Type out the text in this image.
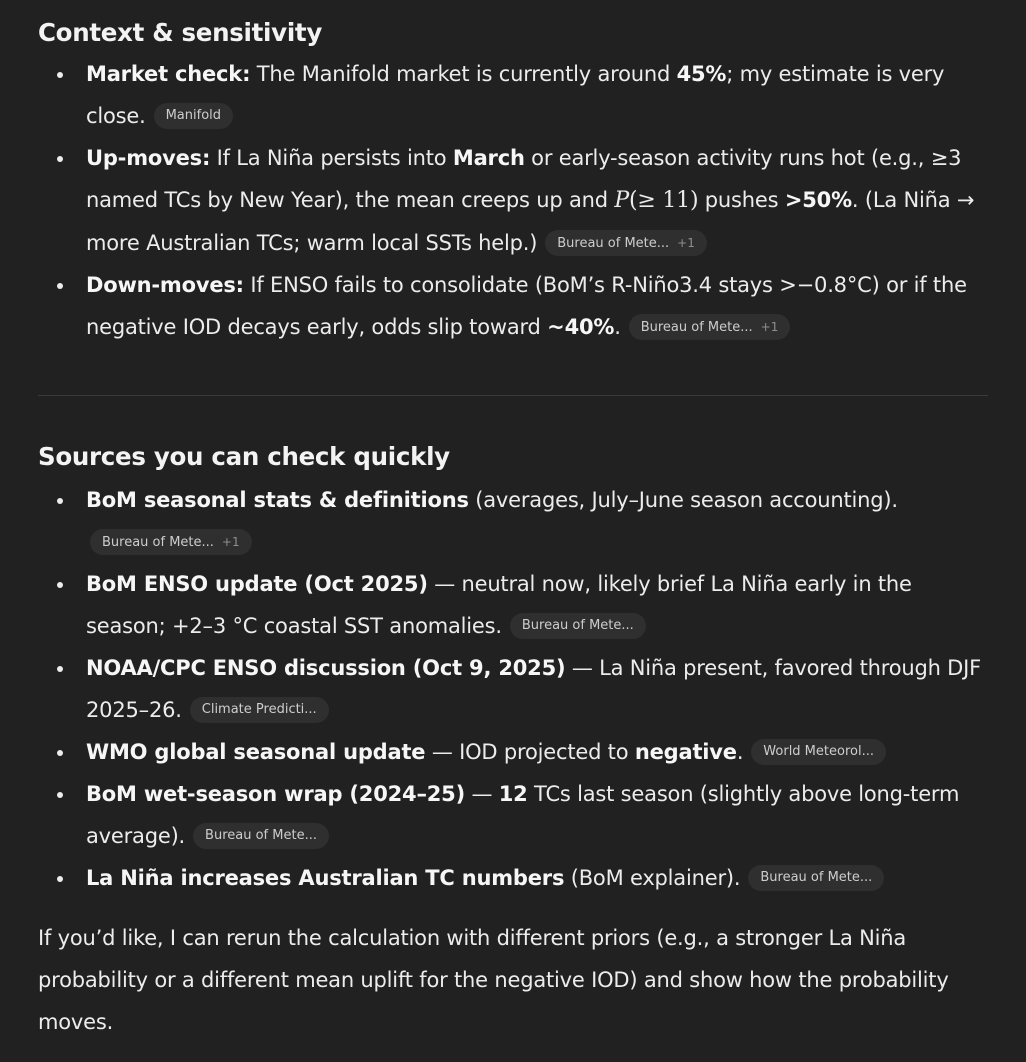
Context & sensitivity
Market check: The Manifold market is currently around 45%; my estimate is very close. Manifold
Up-moves: If La Niña persists into March or early-season activity runs hot (e.g., ≥3 named TCs by New Year), the mean creeps up and P(≥ 11) pushes >50%. (La Niña → more Australian TCs; warm local SSTs help.) Bureau of Mete... +1
Down-moves: If ENSO fails to consolidate (BoM’s R-Niño3.4 stays >−0.8°C) or if the negative IOD decays early, odds slip toward ~40%. Bureau of Mete... +1
Sources you can check quickly
BoM seasonal stats & definitions (averages, July–June season accounting).
Bureau of Mete... +1
BoM ENSO update (Oct 2025) — neutral now, likely brief La Niña early in the season; +2–3 °C coastal SST anomalies. Bureau of Mete...
NOAA/CPC ENSO discussion (Oct 9, 2025) — La Niña present, favored through DJF 2025–26. Climate Predicti...
WMO global seasonal update — IOD projected to negative. World Meteorol...
BoM wet-season wrap (2024–25) — 12 TCs last season (slightly above long-term average). Bureau of Mete...
La Niña increases Australian TC numbers (BoM explainer). Bureau of Mete...

If you’d like, I can rerun the calculation with different priors (e.g., a stronger La Niña probability or a different mean uplift for the negative IOD) and show how the probability moves.
